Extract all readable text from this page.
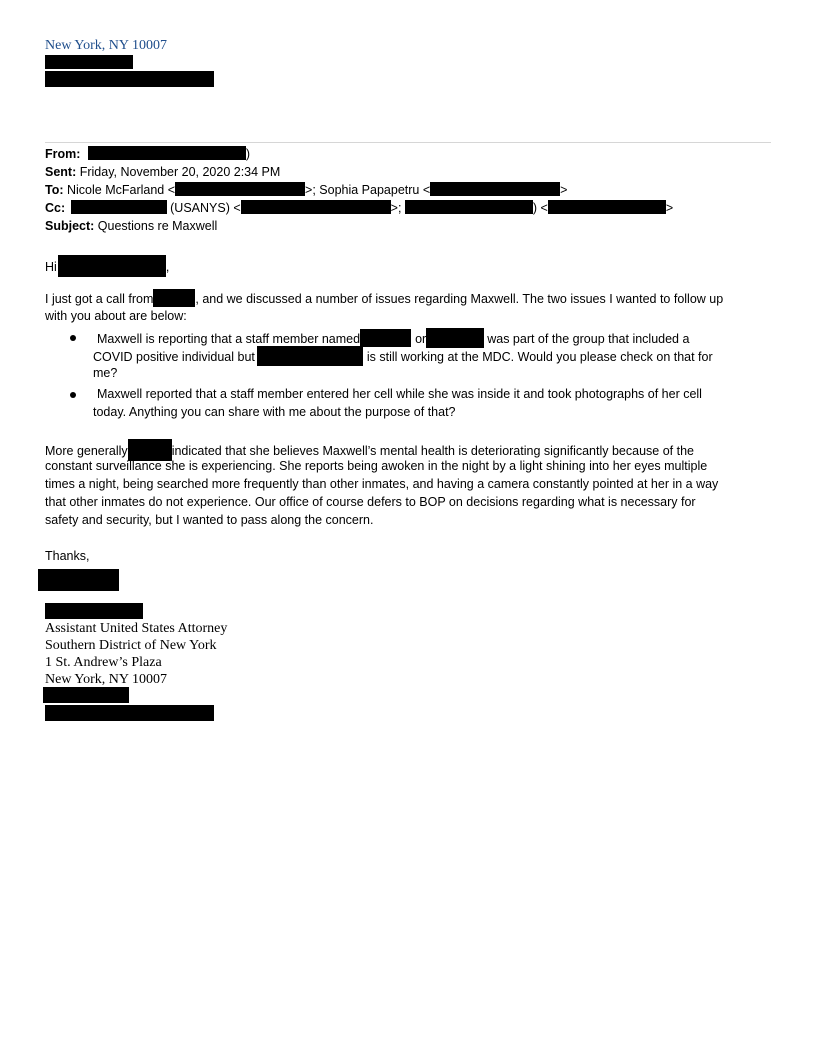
New York, NY 10007
From:	)
Sent: Friday, November 20, 2020 2:34 PM
To: Nicole McFarland <	>; Sophia Papapetru <	>
Cc:	(USANYS) <	>;	) <	>
Subject: Questions re Maxwell
Hi	,
I just got a call from	, and we discussed a number of issues regarding Maxwell. The two issues I wanted to follow up
with you about are below:
Maxwell is reporting that a staff member named	or	was part of the group that included a
COVID positive individual but	is still working at the MDC. Would you please check on that for
me?
Maxwell reported that a staff member entered her cell while she was inside it and took photographs of her cell
today. Anything you can share with me about the purpose of that?
More generally	indicated that she believes Maxwell’s mental health is deteriorating significantly because of the
constant surveillance she is experiencing. She reports being awoken in the night by a light shining into her eyes multiple
times a night, being searched more frequently than other inmates, and having a camera constantly pointed at her in a way
that other inmates do not experience. Our office of course defers to BOP on decisions regarding what is necessary for
safety and security, but I wanted to pass along the concern.
Thanks,
Assistant United States Attorney
Southern District of New York
1 St. Andrew’s Plaza
New York, NY 10007
